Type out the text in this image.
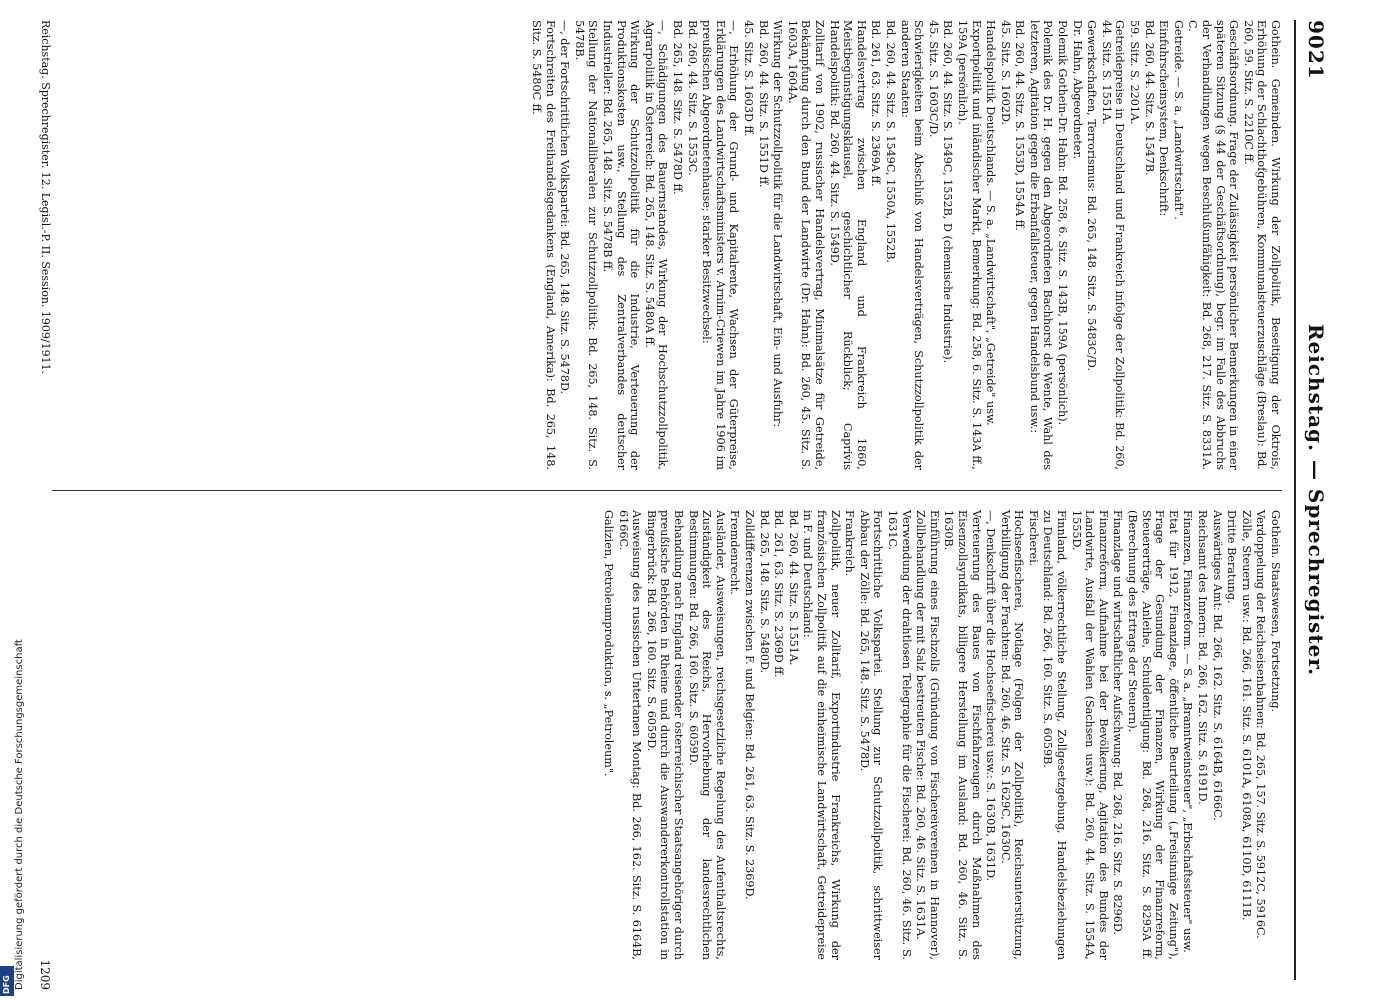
9021
Reichstag. — Sprechregister.
Gothein. Gemeinden. Wirkung der Zollpolitik, Beseitigung der Oktrois, Erhöhung der Schlachthofgebühren, Kommunalsteuerzuschläge (Breslau): Bd. 260, 59. Sitz. S. 2210C ff.
Geschäftsordnung. Frage der Zulässigkeit persönlicher Bemerkungen in einer späteren Sitzung (§ 44 der Geschäftsordnung), begr. im Falle des Abbruchs der Verhandlungen wegen Beschlußunfähigkeit: Bd. 268, 217. Sitz. S. 8331A. C.
Getreide. — S. a. „Landwirtschaft".
Einfuhrscheinsystem, Denkschrift:
Bd. 260, 44. Sitz. S. 1547B.
59. Sitz. S. 2201A.
Getreidepreise in Deutschland und Frankreich infolge der Zollpolitik: Bd. 260, 44. Sitz. S. 1551A.
Gewerkschaften, Terrorismus: Bd. 265, 148. Sitz. S. 5483C/D.
Dr. Hahn, Abgeordneter.
Polemik Gothein-Dr. Hahn: Bd. 258, 6. Sitz. S. 143B, 159A (persönlich).
Polemik des Dr. H. gegen den Abgeordneten Bachhorst de Wente, Wahl des letzteren, Agitation gegen die Erbanfallsteuer, gegen Handelsbund usw.:
Bd. 260, 44. Sitz. S. 1553D, 1554A ff.
45. Sitz. S. 1602D.
Handelspolitik Deutschlands. — S. a. „Landwirtschaft", „Getreide" usw.
Exportpolitik und inländischer Markt, Bemerkung: Bd. 258, 6. Sitz. S. 143A ff., 159A (persönlich).
Bd. 260, 44. Sitz. S. 1549C, 1552B, D (chemische Industrie).
45. Sitz. S. 1603C/D.
Schwierigkeiten beim Abschluß von Handelsverträgen, Schutzzollpolitik der anderen Staaten:
Bd. 260, 44. Sitz. S. 1549C, 1550A, 1552B.
Bd. 261, 63. Sitz. S. 2369A ff.
Handelsvertrag zwischen England und Frankreich 1860, Meistbegünstigungsklausel, geschichtlicher Rückblick; Caprivis Handelspolitik: Bd. 260, 44. Sitz. S. 1549D.
Zolltarif von 1902, russischer Handelsvertrag, Minimalsätze für Getreide, Bekämpfung durch den Bund der Landwirte (Dr. Hahn): Bd. 260, 45. Sitz. S. 1603A, 1604A.
Wirkung der Schutzzollpolitik für die Landwirtschaft, Ein- und Ausfuhr:
Bd. 260, 44. Sitz. S. 1551D ff.
45. Sitz. S. 1603D ff.
—, Erhöhung der Grund- und Kapitalrente, Wachsen der Güterpreise, Erklärungen des Landwirtschaftsministers v. Arnim-Criewen im Jahre 1906 im preußischen Abgeordnetenhause; starker Besitzwechsel:
Bd. 260, 44. Sitz. S. 1553C.
Bd. 265, 148. Sitz. S. 5478D ff.
—, Schädigungen des Bauernstandes, Wirkung der Hochschutzzollpolitik, Agrarpolitik in Österreich: Bd. 265, 148. Sitz. S. 5480A ff.
Wirkung der Schutzzollpolitik für die Industrie, Verteuerung der Produktionskosten usw., Stellung des Zentralverbandes deutscher Industrieller: Bd. 265, 148. Sitz. S. 5478B ff.
Stellung der Nationalliberalen zur Schutzzollpolitik: Bd. 265, 148. Sitz. S. 5478B.
—, der Fortschrittlichen Volkspartei: Bd. 265, 148. Sitz. S. 5478D.
Fortschreiten des Freihandelsgedankens (England, Amerika): Bd. 265, 148. Sitz. S. 5480C ff.
Gothein. Staatswesen, Fortsetzung.
Verdoppelung der Reichseisenbahnen: Bd. 265, 157. Sitz. S. 5912C, 5916C.
Zölle, Steuern usw.: Bd. 266, 161. Sitz. S. 6101A, 6108A, 6110D, 6111B.
Dritte Beratung.
Auswärtiges Amt: Bd. 266, 162. Sitz. S. 6164B, 6166C.
Reichsamt des Innern: Bd. 266, 162. Sitz. S. 6191D.
Finanzen, Finanzreform. — S. a. „Branntweinsteuer", „Erbschaftssteuer" usw.
Etat für 1912, Finanzlage, öffentliche Beurteilung („Freisinnige Zeitung"), Frage der Gesundung der Finanzen, Wirkung der Finanzreform, Steuererträge, Anleihe, Schuldentilgung: Bd. 268, 216. Sitz. S. 8295A ff. (Berechnung des Ertrags der Steuern).
Finanzlage und wirtschaftlicher Aufschwung: Bd. 268, 216. Sitz. S. 8296D.
Finanzreform, Aufnahme bei der Bevölkerung, Agitation des Bundes der Landwirte, Ausfall der Wahlen (Sachsen usw.): Bd. 260, 44. Sitz. S. 1554A, 1555D.
Finnland, völkerrechtliche Stellung, Zollgesetzgebung, Handelsbeziehungen zu Deutschland: Bd. 266, 160. Sitz. S. 6059B.
Fischerei.
Hochseefischerei, Notlage (Folgen der Zollpolitik), Reichsunterstützung, Verbilligung der Frachten: Bd. 260, 46. Sitz. S. 1629C, 1630C.
—, Denkschrift über die Hochseefischerei usw.: S. 1630B, 1631D.
Verteuerung des Baues von Fischfahrzeugen durch Maßnahmen des Eisenzollsyndikats, billigere Herstellung im Ausland: Bd. 260, 46. Sitz. S. 1630B.
Einführung eines Fischzolls (Gründung von Fischereivereinen in Hannover), Zollbehandlung der mit Salz bestreuten Fische: Bd. 260, 46. Sitz. S. 1631A.
Verwendung der drahtlosen Telegraphie für die Fischerei: Bd. 260, 46. Sitz. S. 1631C.
Fortschrittliche Volkspartei. Stellung zur Schutzzollpolitik, schrittweiser Abbau der Zölle: Bd. 265, 148. Sitz. S. 5478D.
Frankreich.
Zollpolitik, neuer Zolltarif, Exportindustrie Frankreichs, Wirkung der französischen Zollpolitik auf die einheimische Landwirtschaft, Getreidepreise in F. und Deutschland:
Bd. 260, 44. Sitz. S. 1551A.
Bd. 261, 63. Sitz. S. 2369D ff.
Bd. 265, 148. Sitz. S. 5480D.
Zolldifferenzen zwischen F. und Belgien: Bd. 261, 63. Sitz. S. 2369D.
Fremdenrecht.
Ausländer, Ausweisungen, reichsgesetzliche Regelung des Aufenthaltsrechts, Zuständigkeit des Reichs, Hervorhebung der landesrechtlichen Bestimmungen: Bd. 266, 160. Sitz. S. 6059D.
Behandlung nach England reisender österreichischer Staatsangehöriger durch preußische Behörden in Rheine und durch die Auswandererkontrollstation in Bingerbrück: Bd. 266, 160. Sitz. S. 6059D.
Ausweisung des russischen Untertanen Montag: Bd. 266, 162. Sitz. S. 6164B, 6166C.
Galizien, Petroleumproduktion, s. „Petroleum".
Reichstag. Sprechregister. 12. Legisl.-P. II. Session. 1909/1911.
1209
Digitalisierung gefördert durch die Deutsche Forschungsgemeinschaft
DFG
